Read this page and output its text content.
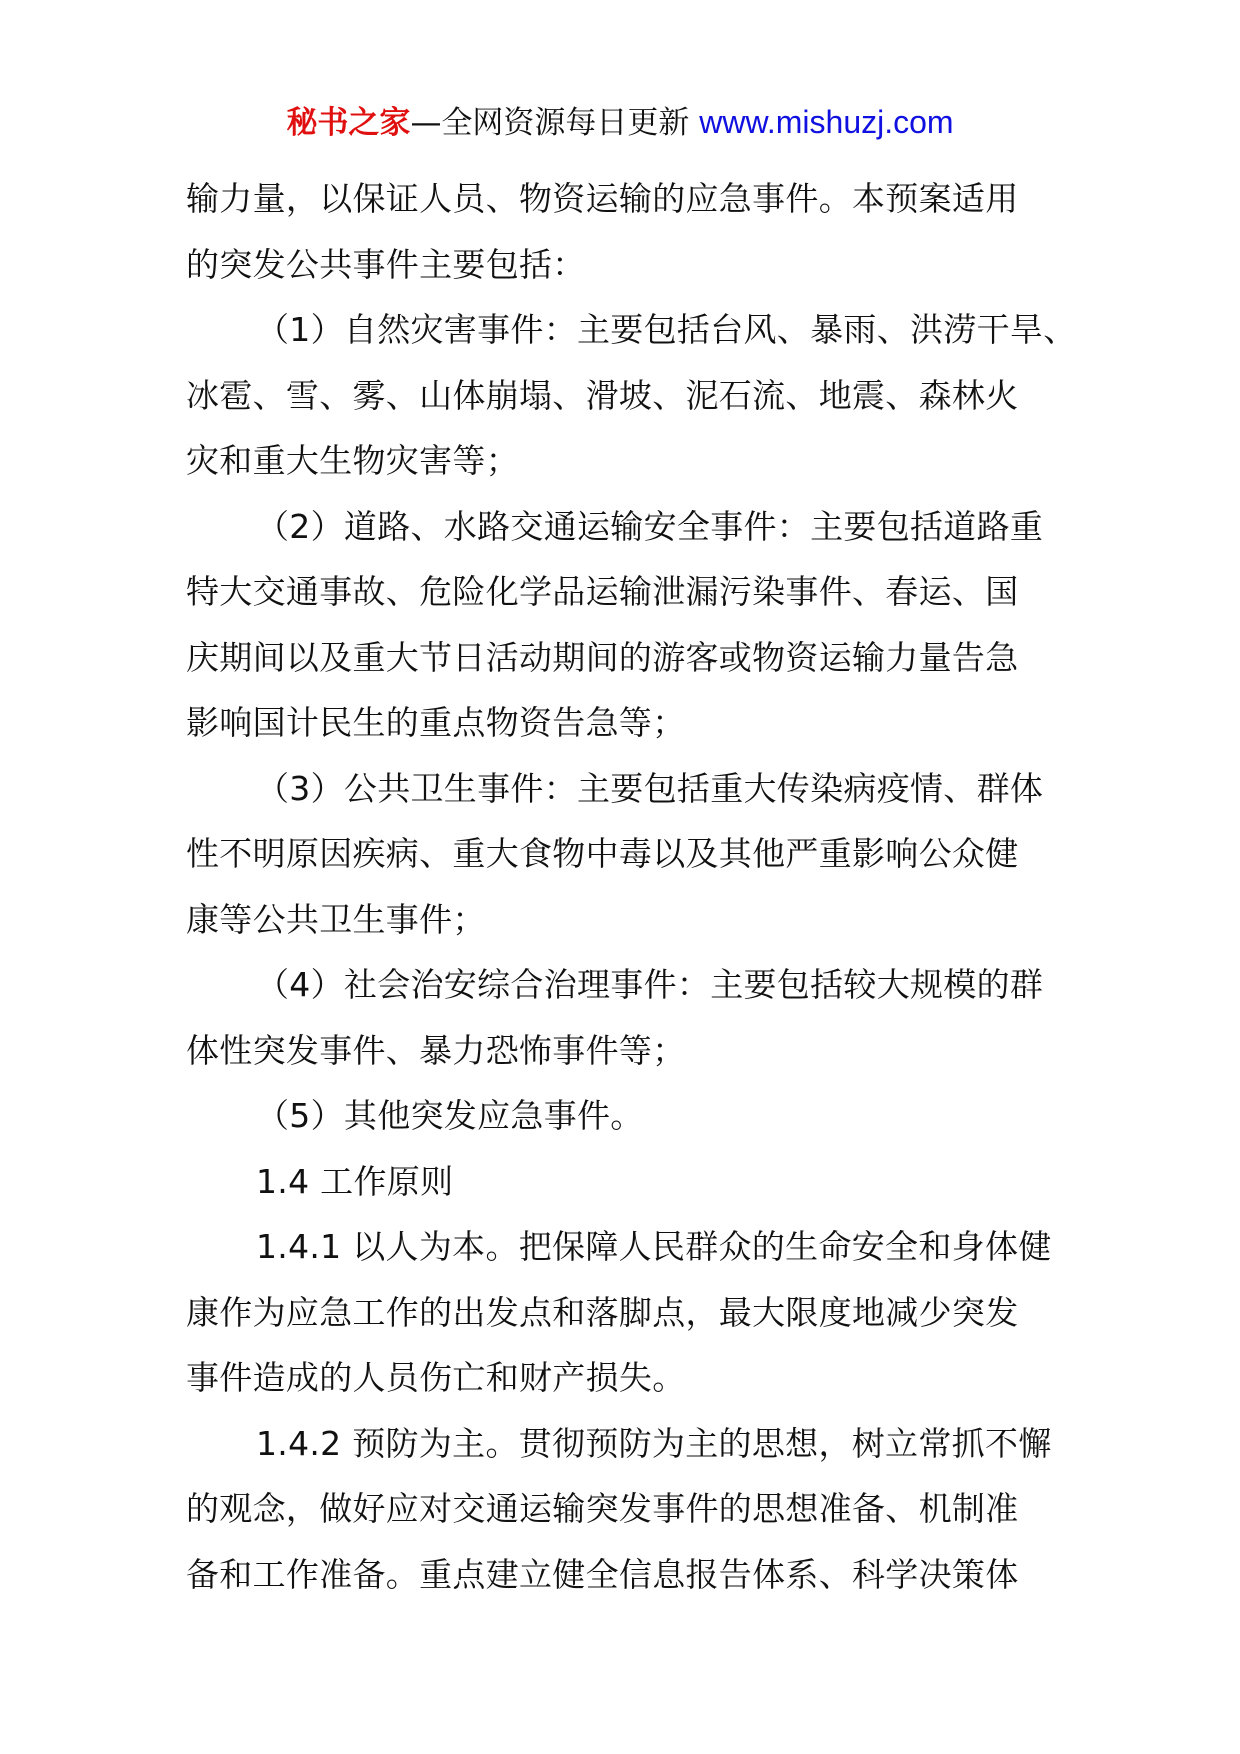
秘书之家—全网资源每日更新 www.mishuzj.com
输力量，以保证人员、物资运输的应急事件。本预案适用
的突发公共事件主要包括：
（1）自然灾害事件：主要包括台风、暴雨、洪涝干旱、
冰雹、雪、雾、山体崩塌、滑坡、泥石流、地震、森林火
灾和重大生物灾害等；
（2）道路、水路交通运输安全事件：主要包括道路重
特大交通事故、危险化学品运输泄漏污染事件、春运、国
庆期间以及重大节日活动期间的游客或物资运输力量告急
影响国计民生的重点物资告急等；
（3）公共卫生事件：主要包括重大传染病疫情、群体
性不明原因疾病、重大食物中毒以及其他严重影响公众健
康等公共卫生事件；
（4）社会治安综合治理事件：主要包括较大规模的群
体性突发事件、暴力恐怖事件等；
（5）其他突发应急事件。
1.4 工作原则
1.4.1 以人为本。把保障人民群众的生命安全和身体健
康作为应急工作的出发点和落脚点，最大限度地减少突发
事件造成的人员伤亡和财产损失。
1.4.2 预防为主。贯彻预防为主的思想，树立常抓不懈
的观念，做好应对交通运输突发事件的思想准备、机制准
备和工作准备。重点建立健全信息报告体系、科学决策体
